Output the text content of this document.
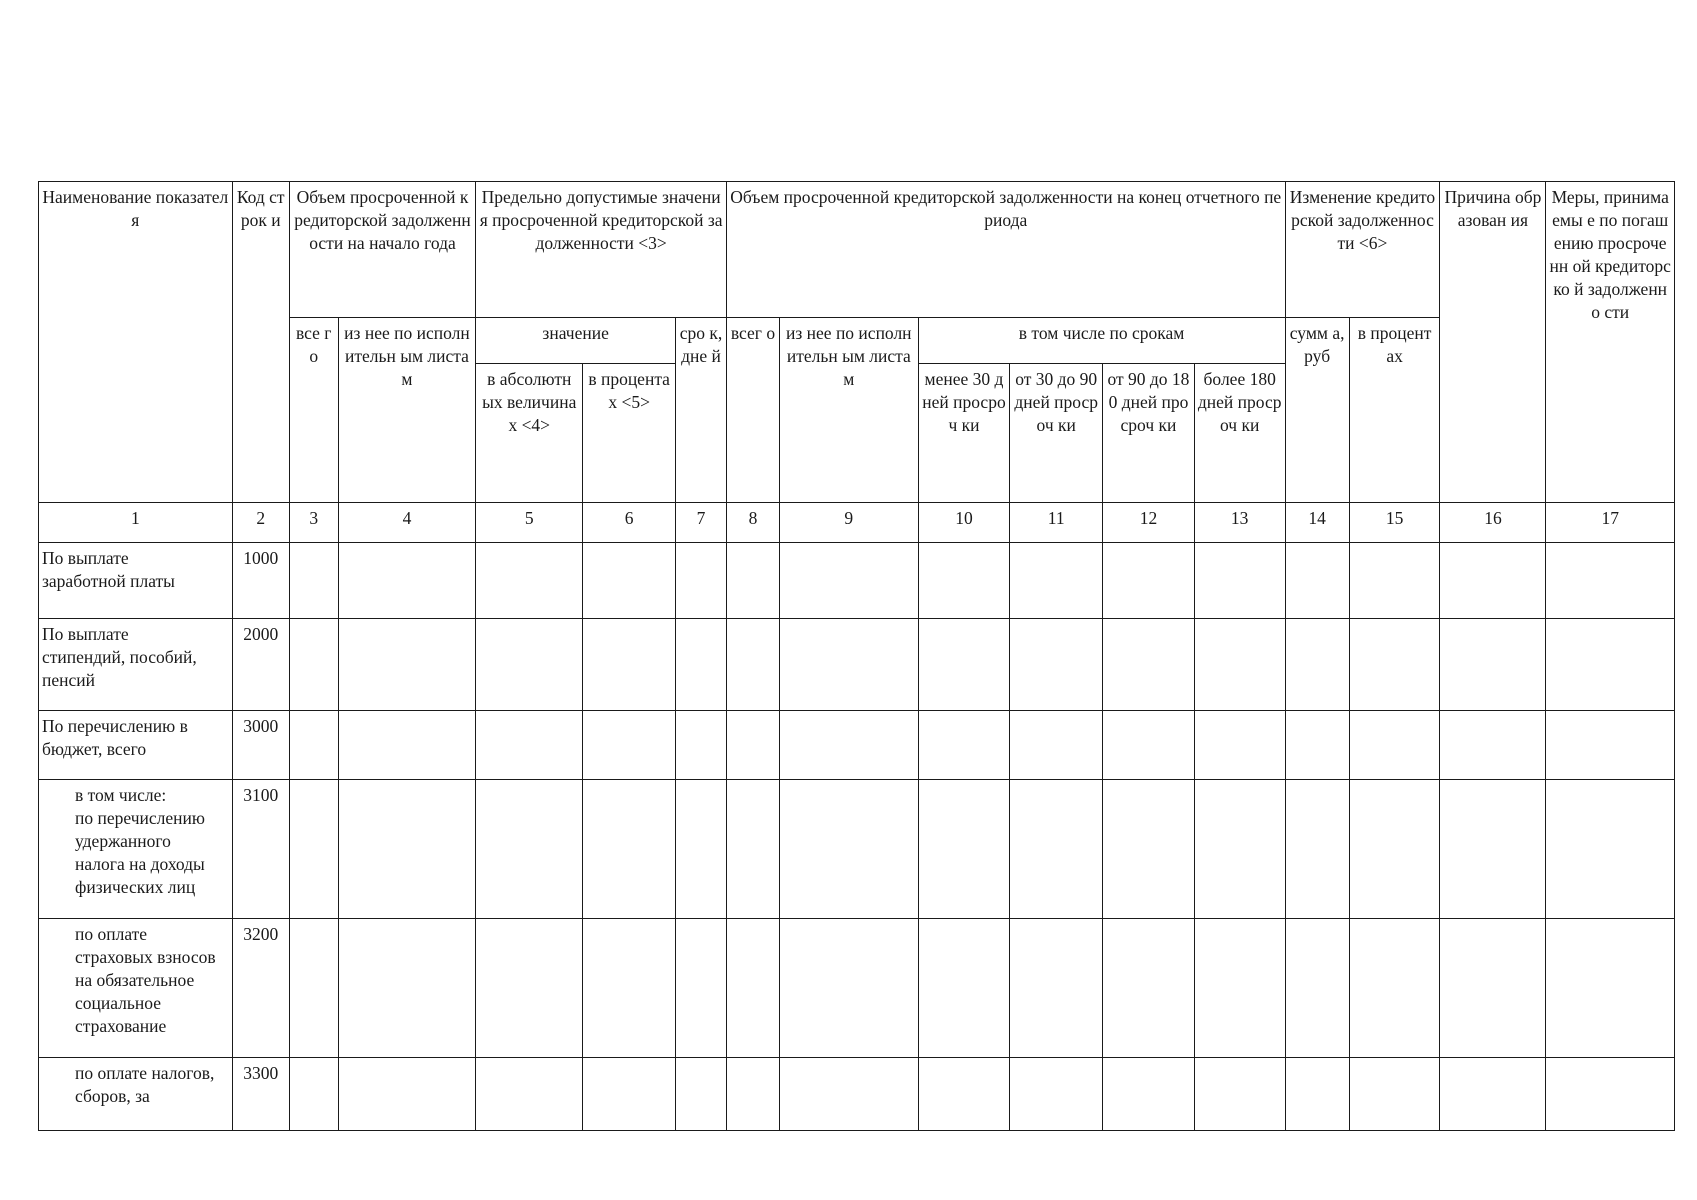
Наименование показателя	Код строк и	Объем просроченной кредиторской задолженности на начало года		Предельно допустимые значения просроченной кредиторской задолженности <3>			Объем просроченной кредиторской задолженности на конец отчетного периода						Изменение кредиторской задолженности <6>		Причина образован ия	Меры, принимаемы е по погашению просроченн ой кредиторско й задолженно сти
		все го	из нее по исполнительн ым листам	значение		сро к, дне й	всег о	из нее по исполнительн ым листам	в том числе по срокам				сумм а, руб	в процент ах		
				в абсолютн ых величинах <4>	в процента х <5>				менее 30 дней просроч ки	от 30 до 90 дней просроч ки	от 90 до 180 дней просроч ки	более 180 дней просроч ки				
1	2	3	4	5	6	7	8	9	10	11	12	13	14	15	16	17

По выплате
заработной платы	1000															

По выплате
стипендий, пособий,
пенсий	2000															

По перечислению в
бюджет, всего	3000															

в том числе:
по перечислению
удержанного
налога на доходы
физических лиц	3100															

по оплате
страховых взносов
на обязательное
социальное
страхование	3200															

по оплате налогов,
сборов, за	3300															
